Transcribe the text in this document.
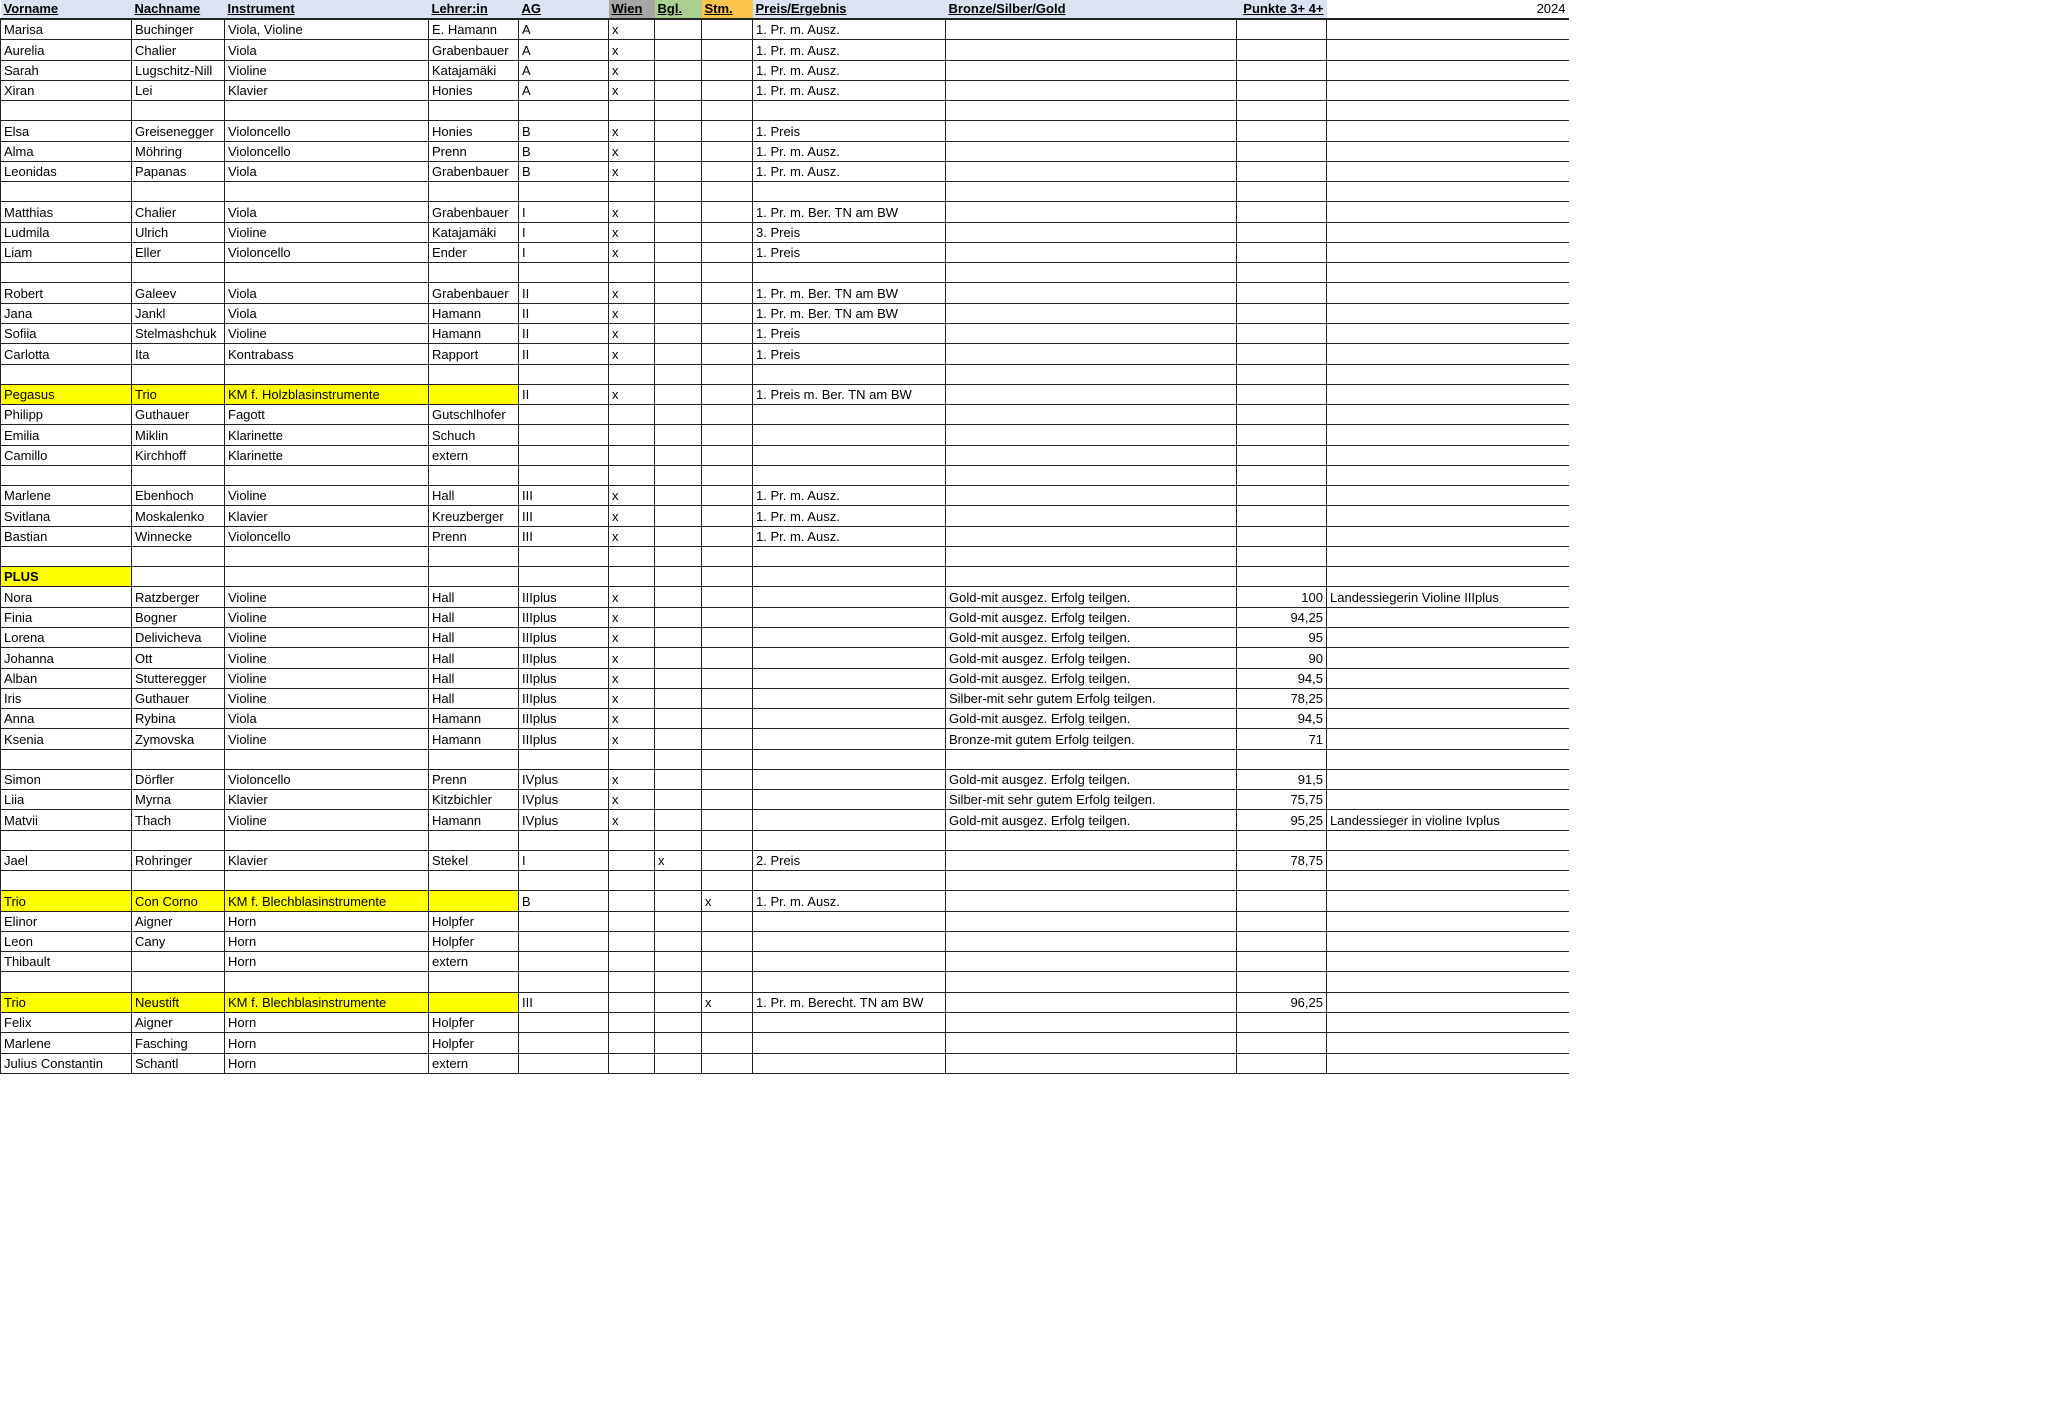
Vorname	Nachname	Instrument	Lehrer:in	AG	Wien	Bgl.	Stm.	Preis/Ergebnis	Bronze/Silber/Gold	Punkte 3+ 4+	2024
Marisa	Buchinger	Viola, Violine	E. Hamann	A	x			1. Pr. m. Ausz.			
Aurelia	Chalier	Viola	Grabenbauer	A	x			1. Pr. m. Ausz.			
Sarah	Lugschitz-Nill	Violine	Katajamäki	A	x			1. Pr. m. Ausz.			
Xiran	Lei	Klavier	Honies	A	x			1. Pr. m. Ausz.			

Elsa	Greisenegger	Violoncello	Honies	B	x			1. Preis			
Alma	Möhring	Violoncello	Prenn	B	x			1. Pr. m. Ausz.			
Leonidas	Papanas	Viola	Grabenbauer	B	x			1. Pr. m. Ausz.			

Matthias	Chalier	Viola	Grabenbauer	I	x			1. Pr. m. Ber. TN am BW			
Ludmila	Ulrich	Violine	Katajamäki	I	x			3. Preis			
Liam	Eller	Violoncello	Ender	I	x			1. Preis			

Robert	Galeev	Viola	Grabenbauer	II	x			1. Pr. m. Ber. TN am BW			
Jana	Jankl	Viola	Hamann	II	x			1. Pr. m. Ber. TN am BW			
Sofiia	Stelmashchuk	Violine	Hamann	II	x			1. Preis			
Carlotta	Ita	Kontrabass	Rapport	II	x			1. Preis			

Pegasus	Trio	KM f. Holzblasinstrumente		II	x			1. Preis m. Ber. TN am BW			
Philipp	Guthauer	Fagott	Gutschlhofer								
Emilia	Miklin	Klarinette	Schuch								
Camillo	Kirchhoff	Klarinette	extern								

Marlene	Ebenhoch	Violine	Hall	III	x			1. Pr. m. Ausz.			
Svitlana	Moskalenko	Klavier	Kreuzberger	III	x			1. Pr. m. Ausz.			
Bastian	Winnecke	Violoncello	Prenn	III	x			1. Pr. m. Ausz.			

PLUS											
Nora	Ratzberger	Violine	Hall	IIIplus	x				Gold-mit ausgez. Erfolg teilgen.	100	Landessiegerin Violine IIIplus
Finia	Bogner	Violine	Hall	IIIplus	x				Gold-mit ausgez. Erfolg teilgen.	94,25	
Lorena	Delivicheva	Violine	Hall	IIIplus	x				Gold-mit ausgez. Erfolg teilgen.	95	
Johanna	Ott	Violine	Hall	IIIplus	x				Gold-mit ausgez. Erfolg teilgen.	90	
Alban	Stutteregger	Violine	Hall	IIIplus	x				Gold-mit ausgez. Erfolg teilgen.	94,5	
Iris	Guthauer	Violine	Hall	IIIplus	x				Silber-mit sehr gutem Erfolg teilgen.	78,25	
Anna	Rybina	Viola	Hamann	IIIplus	x				Gold-mit ausgez. Erfolg teilgen.	94,5	
Ksenia	Zymovska	Violine	Hamann	IIIplus	x				Bronze-mit gutem Erfolg teilgen.	71	

Simon	Dörfler	Violoncello	Prenn	IVplus	x				Gold-mit ausgez. Erfolg teilgen.	91,5	
Liia	Myrna	Klavier	Kitzbichler	IVplus	x				Silber-mit sehr gutem Erfolg teilgen.	75,75	
Matvii	Thach	Violine	Hamann	IVplus	x				Gold-mit ausgez. Erfolg teilgen.	95,25	Landessieger in violine Ivplus

Jael	Rohringer	Klavier	Stekel	I		x		2. Preis		78,75	

Trio	Con Corno	KM f. Blechblasinstrumente		B			x	1. Pr. m. Ausz.			
Elinor	Aigner	Horn	Holpfer								
Leon	Cany	Horn	Holpfer								
Thibault		Horn	extern								

Trio	Neustift	KM f. Blechblasinstrumente		III			x	1. Pr. m. Berecht. TN am BW		96,25	
Felix	Aigner	Horn	Holpfer								
Marlene	Fasching	Horn	Holpfer								
Julius Constantin	Schantl	Horn	extern								
